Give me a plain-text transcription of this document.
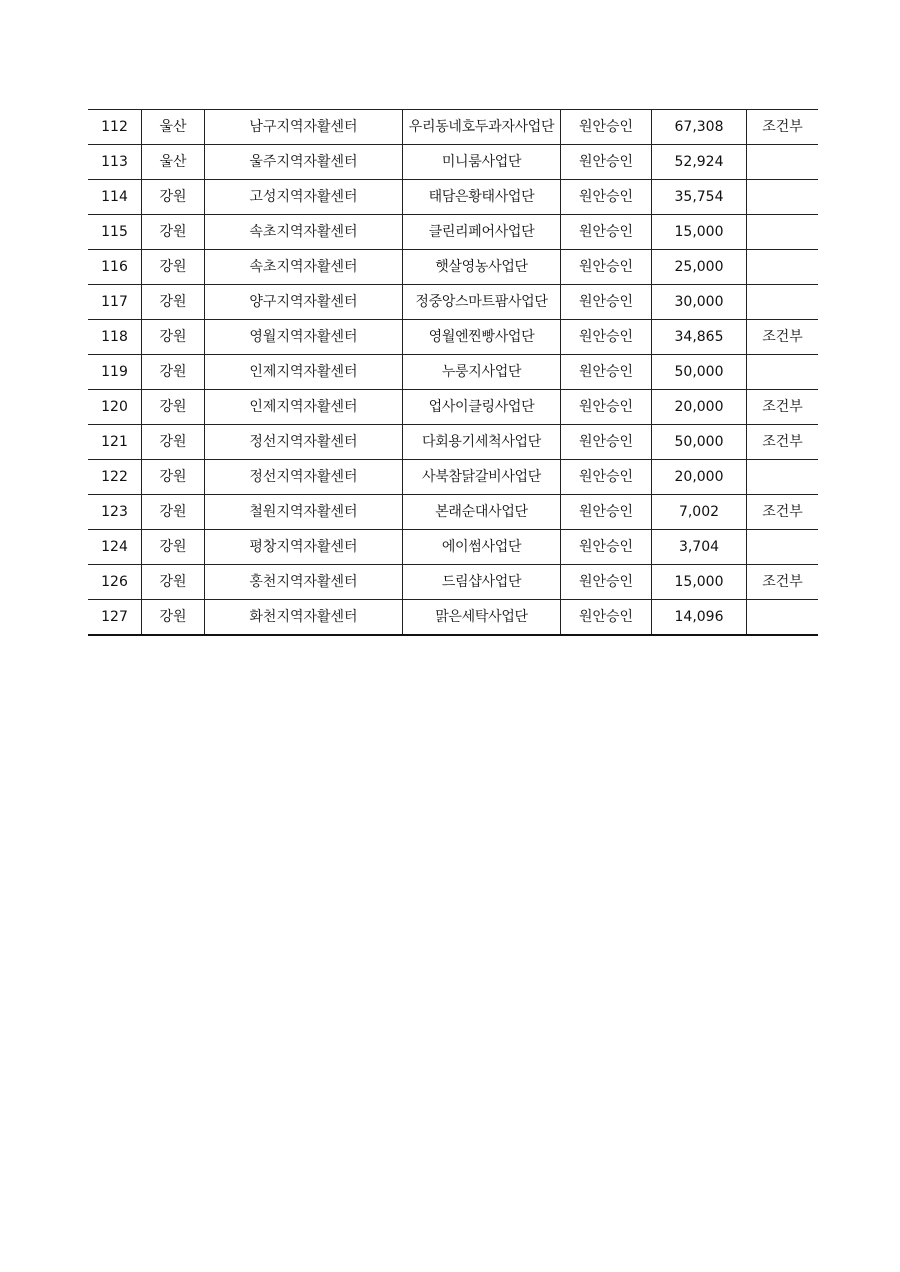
112	울산	남구지역자활센터	우리동네호두과자사업단	원안승인	67,308	조건부
113	울산	울주지역자활센터	미니룸사업단	원안승인	52,924	
114	강원	고성지역자활센터	태담은황태사업단	원안승인	35,754	
115	강원	속초지역자활센터	클린리페어사업단	원안승인	15,000	
116	강원	속초지역자활센터	햇살영농사업단	원안승인	25,000	
117	강원	양구지역자활센터	정중앙스마트팜사업단	원안승인	30,000	
118	강원	영월지역자활센터	영월엔찐빵사업단	원안승인	34,865	조건부
119	강원	인제지역자활센터	누룽지사업단	원안승인	50,000	
120	강원	인제지역자활센터	업사이클링사업단	원안승인	20,000	조건부
121	강원	정선지역자활센터	다회용기세척사업단	원안승인	50,000	조건부
122	강원	정선지역자활센터	사북참닭갈비사업단	원안승인	20,000	
123	강원	철원지역자활센터	본래순대사업단	원안승인	7,002	조건부
124	강원	평창지역자활센터	에이썸사업단	원안승인	3,704	
126	강원	홍천지역자활센터	드림샵사업단	원안승인	15,000	조건부
127	강원	화천지역자활센터	맑은세탁사업단	원안승인	14,096	
